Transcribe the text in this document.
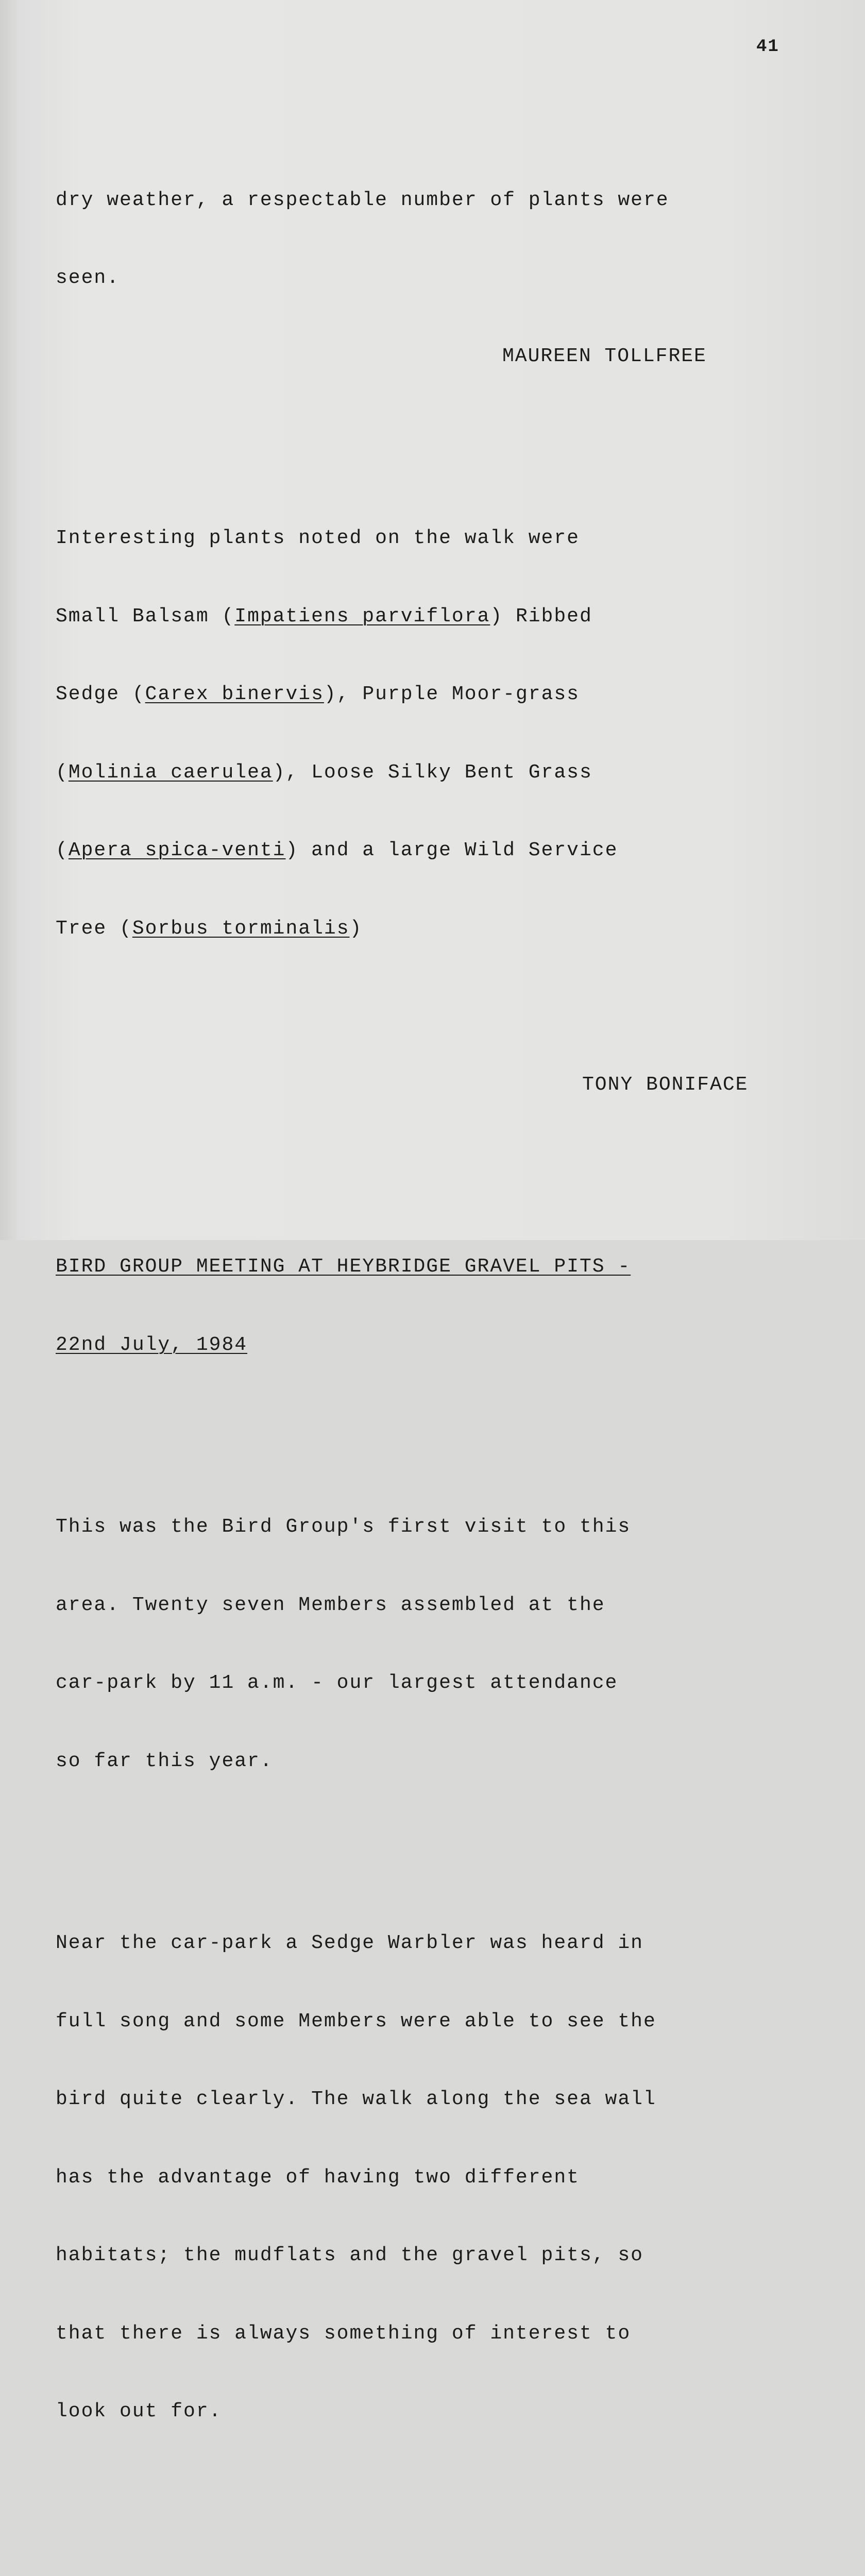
41

dry weather, a respectable number of plants were

seen.

MAUREEN TOLLFREE

Interesting plants noted on the walk were

Small Balsam (Impatiens parviflora) Ribbed

Sedge (Carex binervis), Purple Moor-grass

(Molinia caerulea), Loose Silky Bent Grass

(Apera spica-venti) and a large Wild Service

Tree (Sorbus torminalis)

TONY BONIFACE

BIRD GROUP MEETING AT HEYBRIDGE GRAVEL PITS -

22nd July, 1984

This was the Bird Group's first visit to this

area. Twenty seven Members assembled at the

car-park by 11 a.m. - our largest attendance

so far this year.

Near the car-park a Sedge Warbler was heard in

full song and some Members were able to see the

bird quite clearly. The walk along the sea wall

has the advantage of having two different

habitats; the mudflats and the gravel pits, so

that there is always something of interest to

look out for.
